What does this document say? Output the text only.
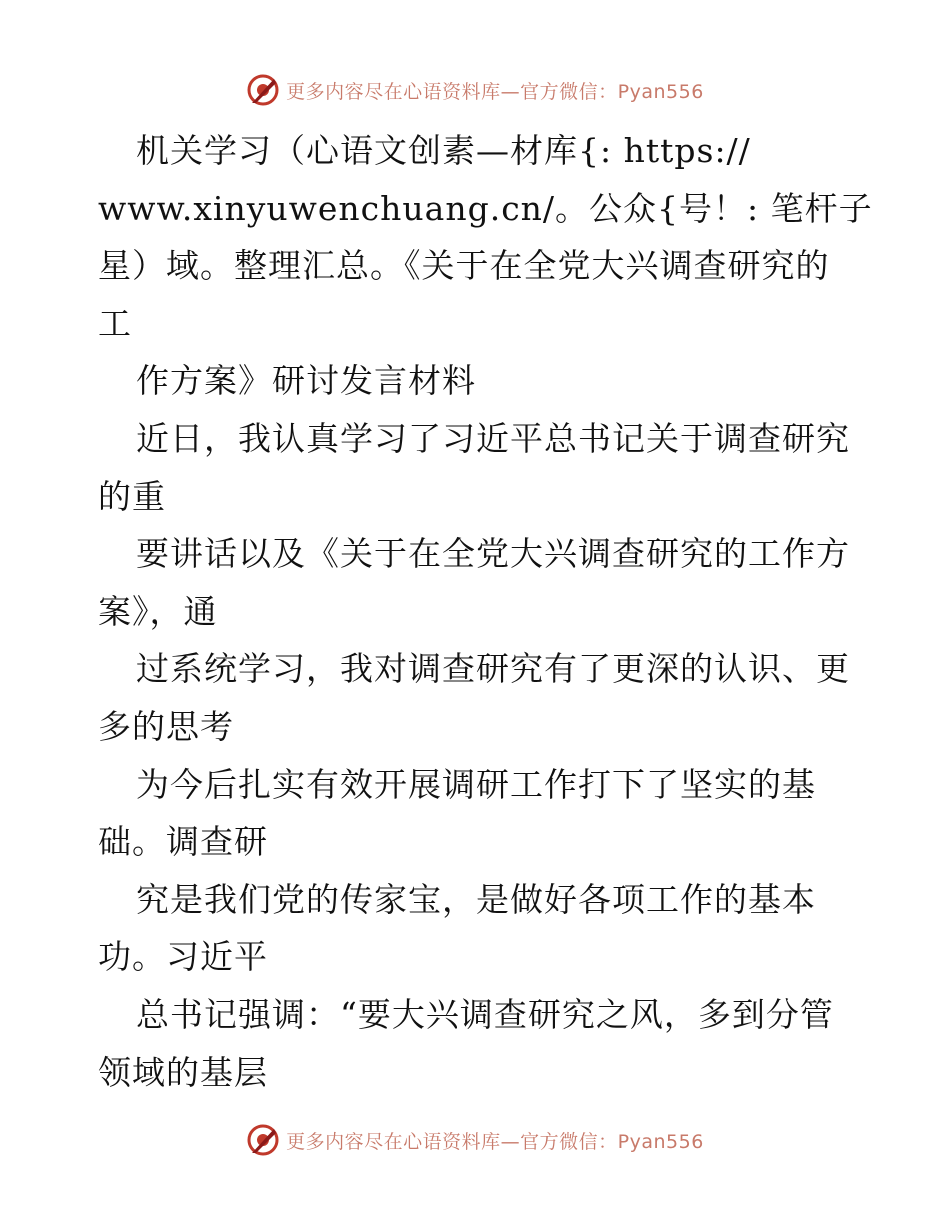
更多内容尽在心语资料库—官方微信：Pyan556
机关学习（心语文创素—材库{: https://
www.xinyuwenchuang.cn/。公众{号！: 笔杆子
星）域。整理汇总。《关于在全党大兴调查研究的
工
作方案》研讨发言材料
近日，我认真学习了习近平总书记关于调查研究
的重
要讲话以及《关于在全党大兴调查研究的工作方
案》，通
过系统学习，我对调查研究有了更深的认识、更
多的思考
为今后扎实有效开展调研工作打下了坚实的基
础。调查研
究是我们党的传家宝，是做好各项工作的基本
功。习近平
总书记强调：“要大兴调查研究之风，多到分管
领域的基层
更多内容尽在心语资料库—官方微信：Pyan556
